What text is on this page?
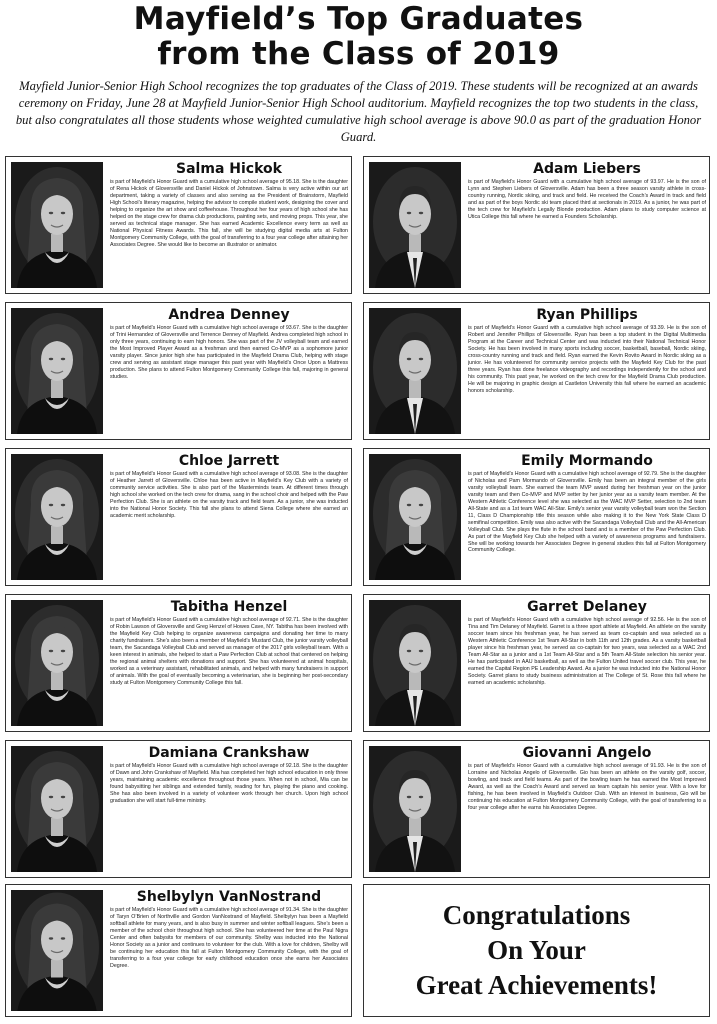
Mayfield’s Top Graduates
from the Class of 2019
Mayfield Junior-Senior High School recognizes the top graduates of the Class of 2019. These students will be recognized at an awards ceremony on Friday, June 28 at Mayfield Junior-Senior High School auditorium. Mayfield recognizes the top two students in the class, but also congratulates all those students whose weighted cumulative high school average is above 90.0 as part of the graduation Honor Guard.
Salma Hickok
is part of Mayfield’s Honor Guard with a cumulative high school average of 95.18. She is the daughter of Rena Hickok of Gloversville and Daniel Hickok of Johnstown. Salma is very active within our art department, taking a variety of classes and also serving as the President of Brainstorm, Mayfield High School’s literary magazine, helping the advisor to compile student work, designing the cover and helping to organize the art show and coffeehouse. Throughout her four years of high school she has helped on the stage crew for drama club productions, painting sets, and moving props. This year, she served as technical stage manager. She has earned Academic Excellence every term as well as National Physical Fitness Awards. This fall, she will be studying digital media arts at Fulton Montgomery Community College, with the goal of transferring to a four year college after attaining her Associates Degree. She would like to become an illustrator or animator.
Adam Liebers
is part of Mayfield’s Honor Guard with a cumulative high school average of 93.97. He is the son of Lynn and Stephen Liebers of Gloversville. Adam has been a three season varsity athlete in cross-country running, Nordic skiing, and track and field. He received the Coach’s Award in track and field and as part of the boys Nordic ski team placed third at sectionals in 2019. As a junior, he was part of the tech crew for Mayfield’s Legally Blonde production. Adam plans to study computer science at Utica College this fall where he earned a Founders Scholarship.
Andrea Denney
is part of Mayfield’s Honor Guard with a cumulative high school average of 93.67. She is the daughter of Trini Hernandez of Gloversville and Terrence Denney of Mayfield. Andrea completed high school in only three years, continuing to earn high honors. She was part of the JV volleyball team and earned the Most Improved Player Award as a freshman and then earned Co-MVP as a sophomore junior varsity player. Since junior high she has participated in the Mayfield Drama Club, helping with stage crew and serving as assistant stage manager this past year with Mayfield’s Once Upon a Mattress production. She plans to attend Fulton Montgomery Community College this fall, majoring in general studies.
Ryan Phillips
is part of Mayfield’s Honor Guard with a cumulative high school average of 93.39. He is the son of Robert and Jennifer Phillips of Gloversville. Ryan has been a top student in the Digital Multimedia Program at the Career and Technical Center and was inducted into their National Technical Honor Society. He has been involved in many sports including soccer, basketball, baseball, Nordic skiing, cross-country running and track and field. Ryan earned the Kevin Rovito Award in Nordic skiing as a junior. He has volunteered for community service projects with the Mayfield Key Club for the past three years. Ryan has done freelance videography and recordings independently for the school and his community. This past year, he worked on the tech crew for the Mayfield Drama Club production. He will be majoring in graphic design at Castleton University this fall where he earned an academic honors scholarship.
Chloe Jarrett
is part of Mayfield’s Honor Guard with a cumulative high school average of 93.08. She is the daughter of Heather Jarrett of Gloversville. Chloe has been active in Mayfield’s Key Club with a variety of community service activities. She is also part of the Masterminds team. At different times through high school she worked on the tech crew for drama, sang in the school choir and helped with the Paw Perfection Club. She is an athlete on the varsity track and field team. As a junior, she was inducted into the National Honor Society. This fall she plans to attend Siena College where she earned an academic merit scholarship.
Emily Mormando
is part of Mayfield’s Honor Guard with a cumulative high school average of 92.79. She is the daughter of Nicholas and Pam Mormando of Gloversville. Emily has been an integral member of the girls varsity volleyball team. She earned the team MVP award during her freshman year on the junior varsity team and then Co-MVP and MVP setter by her junior year as a varsity team member. At the Western Athletic Conference level she was selected as the WAC MVP Setter, selection to 2nd team All-State and as a 1st team WAC All-Star. Emily’s senior year varsity volleyball team won the Section 11, Class D Championship title this season while also making it to the New York State Class D semifinal competition. Emily was also active with the Sacandaga Volleyball Club and the All-American Volleyball Club. She plays the flute in the school band and is a member of the Paw Perfection Club. As part of the Mayfield Key Club she helped with a variety of awareness programs and fundraisers. She will be working towards her Associates Degree in general studies this fall at Fulton Montgomery Community College.
Tabitha Henzel
is part of Mayfield’s Honor Guard with a cumulative high school average of 92.71. She is the daughter of Robin Lawson of Gloversville and Greg Henzel of Howes Cave, NY. Tabitha has been involved with the Mayfield Key Club helping to organize awareness campaigns and donating her time to many charity fundraisers. She’s also been a member of Mayfield’s Mustard Club, the junior varsity volleyball team, the Sacandaga Volleyball Club and served as manager of the 2017 girls volleyball team. With a keen interest in animals, she helped to start a Paw Perfection Club at school that centered on helping the regional animal shelters with donations and support. She has volunteered at animal hospitals, worked as a veterinary assistant, rehabilitated animals, and helped with many fundraisers in support of animals. With the goal of eventually becoming a veterinarian, she is beginning her post-secondary study at Fulton Montgomery Community College this fall.
Garret Delaney
is part of Mayfield’s Honor Guard with a cumulative high school average of 92.56. He is the son of Tina and Tim Delaney of Mayfield. Garret is a three sport athlete at Mayfield. An athlete on the varsity soccer team since his freshman year, he has served as team co-captain and was selected as a Western Athletic Conference 1st Team All-Star in both 11th and 12th grades. As a varsity basketball player since his freshman year, he served as co-captain for two years, was selected as a WAC 2nd Team All-Star as a junior and a 1st Team All-Star and a 5th Team All-State selection his senior year. He has participated in AAU basketball, as well as the Fulton United travel soccer club. This year, he earned the Capital Region PE Leadership Award. As a junior he was inducted into the National Honor Society. Garret plans to study business administration at The College of St. Rose this fall where he earned an academic scholarship.
Damiana Crankshaw
is part of Mayfield’s Honor Guard with a cumulative high school average of 92.18. She is the daughter of Dawn and John Crankshaw of Mayfield. Mia has completed her high school education in only three years, maintaining academic excellence throughout those years. When not in school, Mia can be found babysitting her siblings and extended family, reading for fun, playing the piano and cooking. She has also been involved in a variety of volunteer work through her church. Upon high school graduation she will start full-time ministry.
Giovanni Angelo
is part of Mayfield’s Honor Guard with a cumulative high school average of 91.93. He is the son of Lorraine and Nicholas Angelo of Gloversville. Gio has been an athlete on the varsity golf, soccer, bowling, and track and field teams. As part of the bowling team he has earned the Most Improved Award, as well as the Coach’s Award and served as team captain his senior year. With a love for fishing, he has been involved in Mayfield’s Outdoor Club. With an interest in business, Gio will be continuing his education at Fulton Montgomery Community College, with the goal of transferring to a four year college after he earns his Associates Degree.
Shelbylyn VanNostrand
is part of Mayfield’s Honor Guard with a cumulative high school average of 91.34. She is the daughter of Taryn O’Brien of Northville and Gordon VanNostrand of Mayfield. Shelbylyn has been a Mayfield softball athlete for many years, and is also busy in summer and winter softball leagues. She’s been a member of the school choir throughout high school. She has volunteered her time at the Paul Nigra Center and often babysits for members of our community. Shelby was inducted into the National Honor Society as a junior and continues to volunteer for the club. With a love for children, Shelby will be continuing her education this fall at Fulton Montgomery Community College, with the goal of transferring to a four year college for early childhood education once she earns her Associates Degree.
Congratulations
On Your
Great Achievements!
